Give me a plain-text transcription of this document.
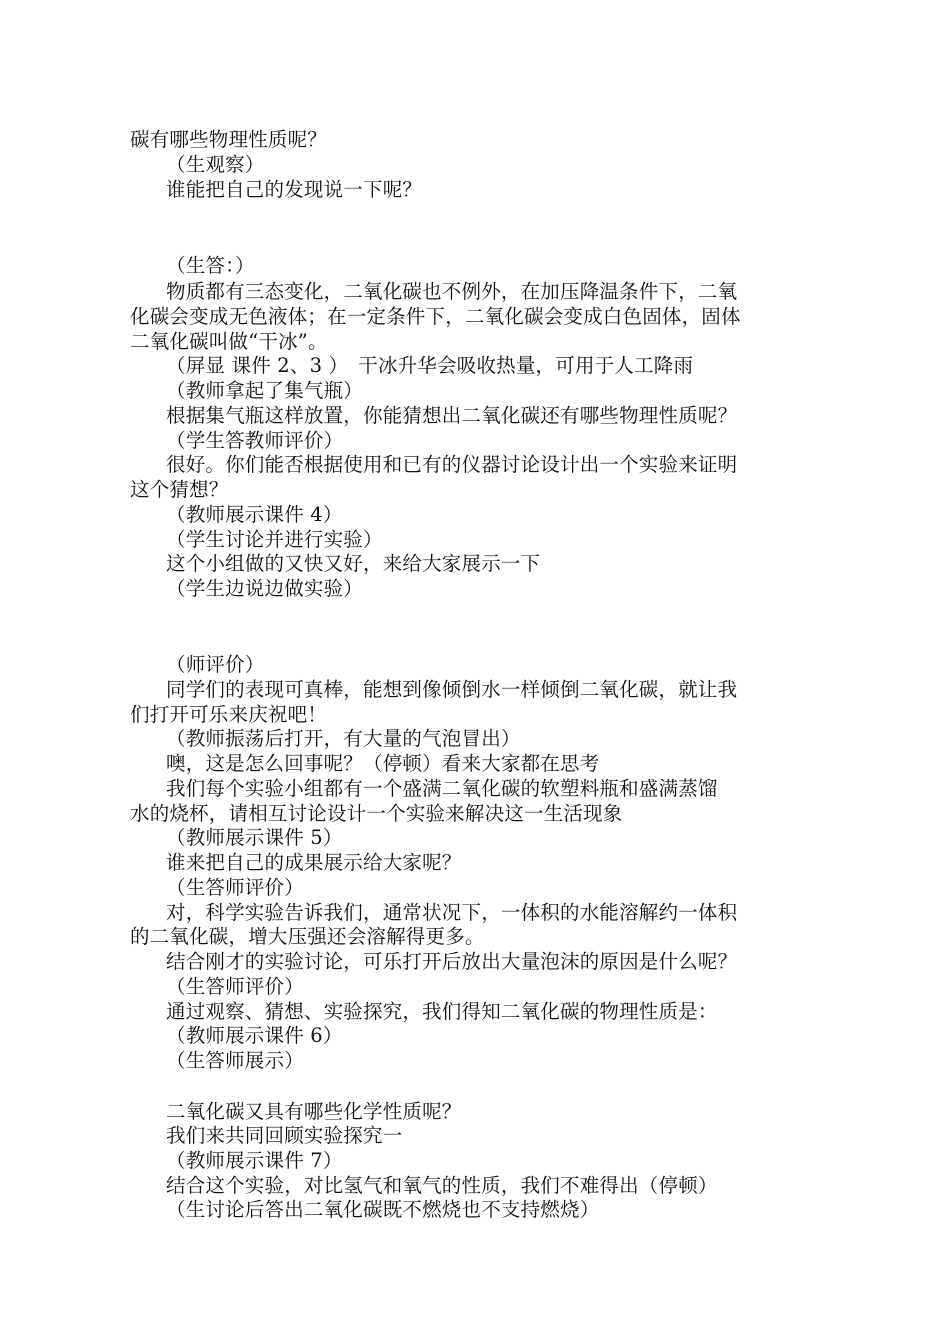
碳有哪些物理性质呢？
（生观察）
谁能把自己的发现说一下呢？
（生答：）
物质都有三态变化，二氧化碳也不例外，在加压降温条件下，二氧
化碳会变成无色液体；在一定条件下，二氧化碳会变成白色固体，固体
二氧化碳叫做“干冰”。
（屏显 课件 2、3 ）　干冰升华会吸收热量，可用于人工降雨
（教师拿起了集气瓶）
根据集气瓶这样放置，你能猜想出二氧化碳还有哪些物理性质呢？
（学生答教师评价）
很好。你们能否根据使用和已有的仪器讨论设计出一个实验来证明
这个猜想？
（教师展示课件 4）
（学生讨论并进行实验）
这个小组做的又快又好，来给大家展示一下
（学生边说边做实验）
（师评价）
同学们的表现可真棒，能想到像倾倒水一样倾倒二氧化碳，就让我
们打开可乐来庆祝吧！
（教师振荡后打开，有大量的气泡冒出）
噢，这是怎么回事呢？（停顿）看来大家都在思考
我们每个实验小组都有一个盛满二氧化碳的软塑料瓶和盛满蒸馏
水的烧杯，请相互讨论设计一个实验来解决这一生活现象
（教师展示课件 5）
谁来把自己的成果展示给大家呢？
（生答师评价）
对，科学实验告诉我们，通常状况下，一体积的水能溶解约一体积
的二氧化碳，增大压强还会溶解得更多。
结合刚才的实验讨论，可乐打开后放出大量泡沫的原因是什么呢？
（生答师评价）
通过观察、猜想、实验探究，我们得知二氧化碳的物理性质是：
（教师展示课件 6）
（生答师展示）
二氧化碳又具有哪些化学性质呢？
我们来共同回顾实验探究一
（教师展示课件 7）
结合这个实验，对比氢气和氧气的性质，我们不难得出（停顿）
（生讨论后答出二氧化碳既不燃烧也不支持燃烧）
